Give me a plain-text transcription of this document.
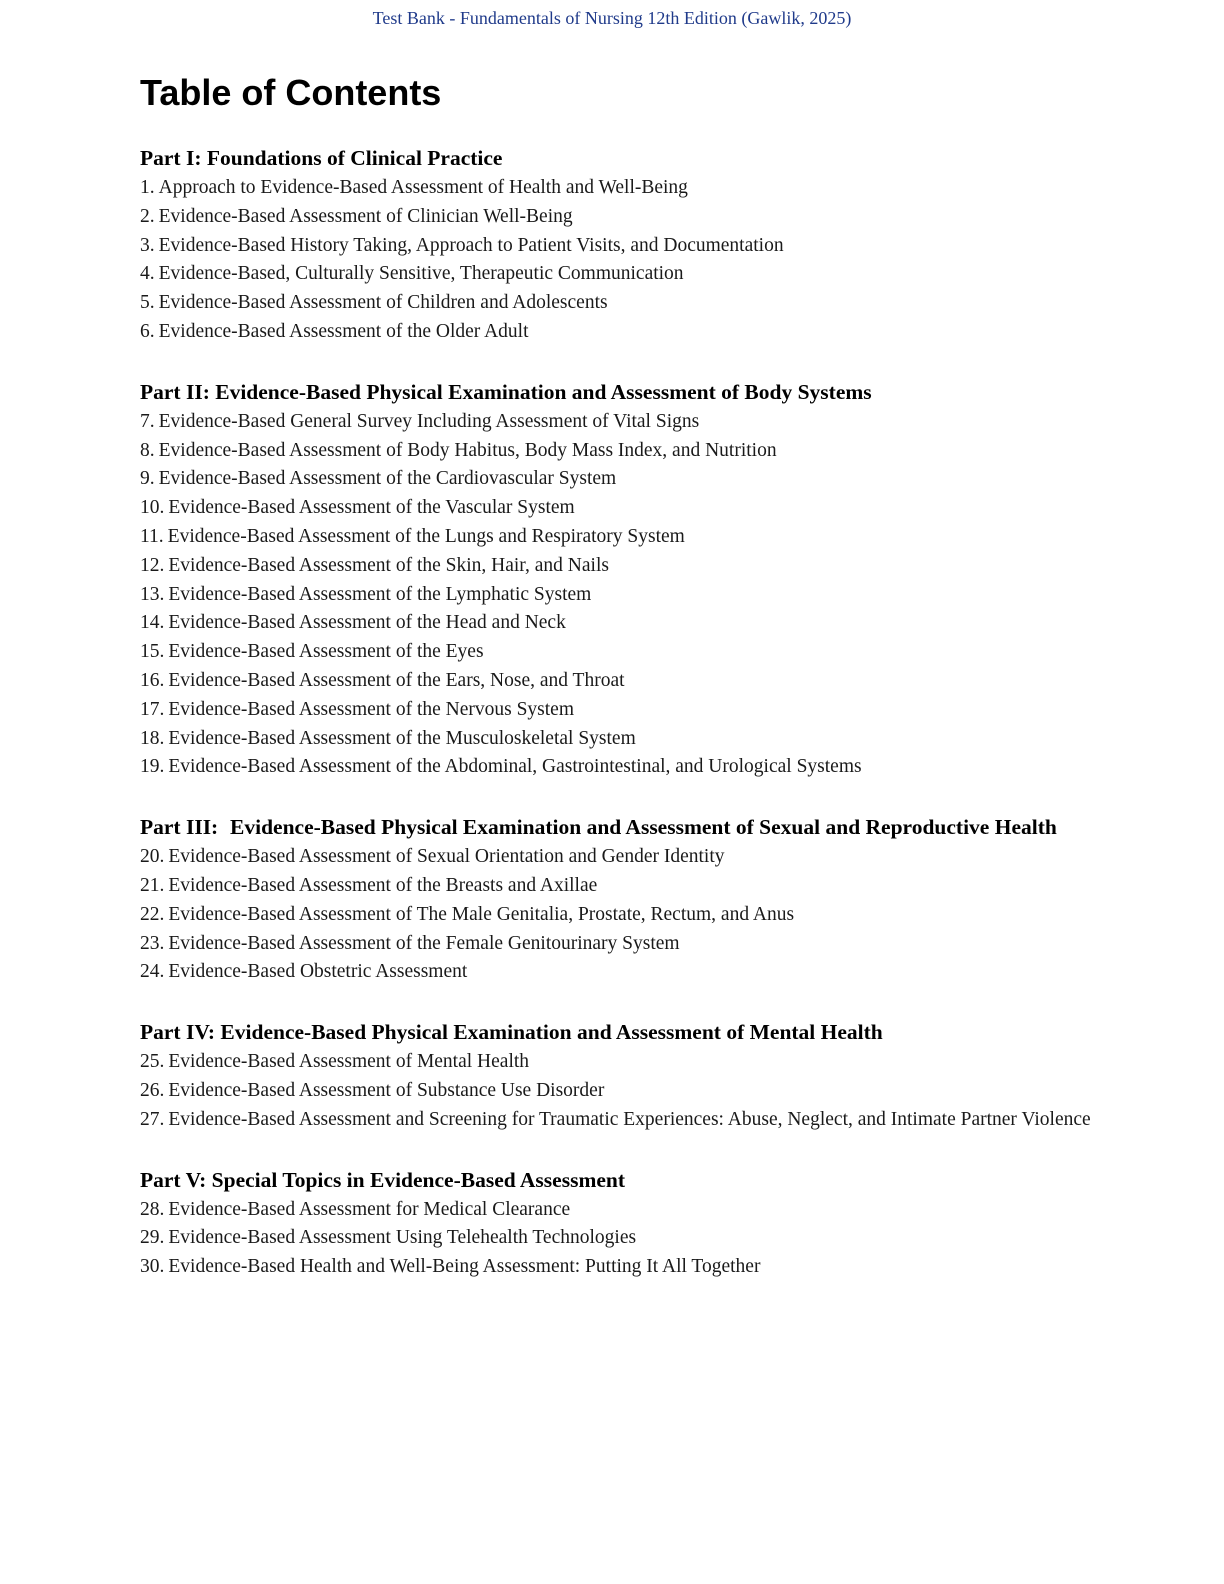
Test Bank - Fundamentals of Nursing 12th Edition (Gawlik, 2025)
Table of Contents
Part I: Foundations of Clinical Practice
1. Approach to Evidence-Based Assessment of Health and Well-Being
2. Evidence-Based Assessment of Clinician Well-Being
3. Evidence-Based History Taking, Approach to Patient Visits, and Documentation
4. Evidence-Based, Culturally Sensitive, Therapeutic Communication
5. Evidence-Based Assessment of Children and Adolescents
6. Evidence-Based Assessment of the Older Adult
Part II: Evidence-Based Physical Examination and Assessment of Body Systems
7. Evidence-Based General Survey Including Assessment of Vital Signs
8. Evidence-Based Assessment of Body Habitus, Body Mass Index, and Nutrition
9. Evidence-Based Assessment of the Cardiovascular System
10. Evidence-Based Assessment of the Vascular System
11. Evidence-Based Assessment of the Lungs and Respiratory System
12. Evidence-Based Assessment of the Skin, Hair, and Nails
13. Evidence-Based Assessment of the Lymphatic System
14. Evidence-Based Assessment of the Head and Neck
15. Evidence-Based Assessment of the Eyes
16. Evidence-Based Assessment of the Ears, Nose, and Throat
17. Evidence-Based Assessment of the Nervous System
18. Evidence-Based Assessment of the Musculoskeletal System
19. Evidence-Based Assessment of the Abdominal, Gastrointestinal, and Urological Systems
Part III: Evidence-Based Physical Examination and Assessment of Sexual and Reproductive Health
20. Evidence-Based Assessment of Sexual Orientation and Gender Identity
21. Evidence-Based Assessment of the Breasts and Axillae
22. Evidence-Based Assessment of The Male Genitalia, Prostate, Rectum, and Anus
23. Evidence-Based Assessment of the Female Genitourinary System
24. Evidence-Based Obstetric Assessment
Part IV: Evidence-Based Physical Examination and Assessment of Mental Health
25. Evidence-Based Assessment of Mental Health
26. Evidence-Based Assessment of Substance Use Disorder
27. Evidence-Based Assessment and Screening for Traumatic Experiences: Abuse, Neglect, and Intimate Partner Violence
Part V: Special Topics in Evidence-Based Assessment
28. Evidence-Based Assessment for Medical Clearance
29. Evidence-Based Assessment Using Telehealth Technologies
30. Evidence-Based Health and Well-Being Assessment: Putting It All Together
